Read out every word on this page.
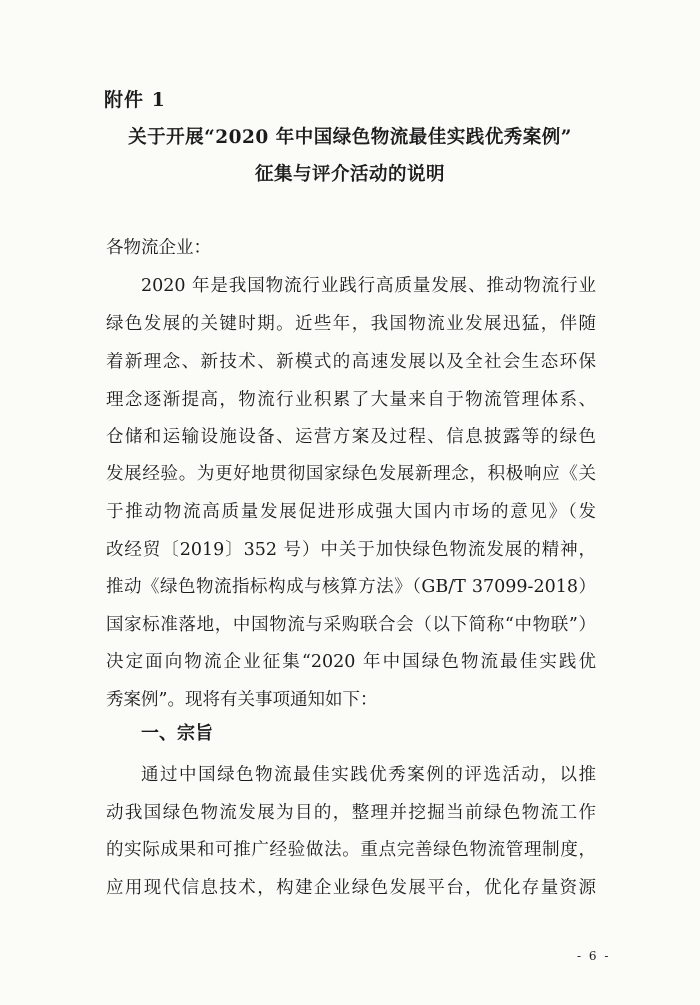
附件 1
关于开展“2020 年中国绿色物流最佳实践优秀案例”
征集与评介活动的说明
各物流企业：
2020 年是我国物流行业践行高质量发展、推动物流行业
绿色发展的关键时期。近些年，我国物流业发展迅猛，伴随
着新理念、新技术、新模式的高速发展以及全社会生态环保
理念逐渐提高，物流行业积累了大量来自于物流管理体系、
仓储和运输设施设备、运营方案及过程、信息披露等的绿色
发展经验。为更好地贯彻国家绿色发展新理念，积极响应《关
于推动物流高质量发展促进形成强大国内市场的意见》（发
改经贸〔2019〕352 号）中关于加快绿色物流发展的精神，
推动《绿色物流指标构成与核算方法》（GB/T 37099-2018）
国家标准落地，中国物流与采购联合会（以下简称“中物联”）
决定面向物流企业征集“2020 年中国绿色物流最佳实践优
秀案例”。现将有关事项通知如下：
一、宗旨
通过中国绿色物流最佳实践优秀案例的评选活动，以推
动我国绿色物流发展为目的，整理并挖掘当前绿色物流工作
的实际成果和可推广经验做法。重点完善绿色物流管理制度，
应用现代信息技术，构建企业绿色发展平台，优化存量资源
- 6 -
